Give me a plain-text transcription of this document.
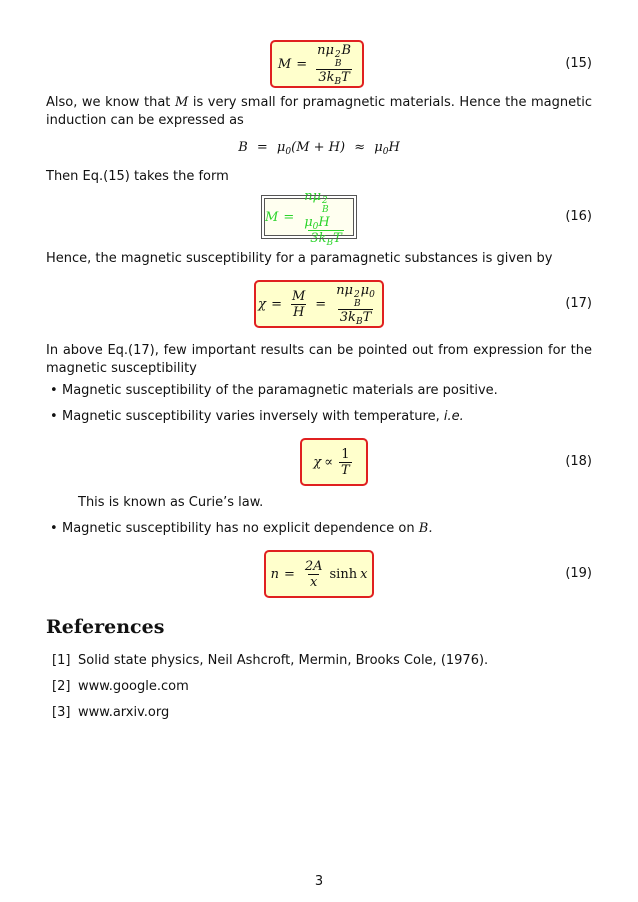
M = nμ 2
B
B
$3k_BT$	(15)
Also, we know that M is very small for pramagnetic materials. Hence the magnetic
induction can be expressed as
$B = \mu_0(M + H) \approx \mu_0H$
Then Eq.(15) takes the form
M = nμ 2
B
$\mu_0H$
$3k_BT$	(16)
Hence, the magnetic susceptibility for a paramagnetic substances is given by
$\chi = \frac{M}{H} = n\mu$ 2
B
$\mu_0$
$3k_BT$	(17)
In above Eq.(17), few important results can be pointed out from expression for the
magnetic susceptibility
• Magnetic susceptibility of the paramagnetic materials are positive.
• Magnetic susceptibility varies inversely with temperature, i.e.
$\chi \propto \frac{1}{T}$	(18)
This is known as Curie’s law.
• Magnetic susceptibility has no explicit dependence on B.
$n = \frac{2A}{x}$ sinh x	(19)
References
[1] Solid state physics, Neil Ashcroft, Mermin, Brooks Cole, (1976).
[2] www.google.com
[3] www.arxiv.org
3
